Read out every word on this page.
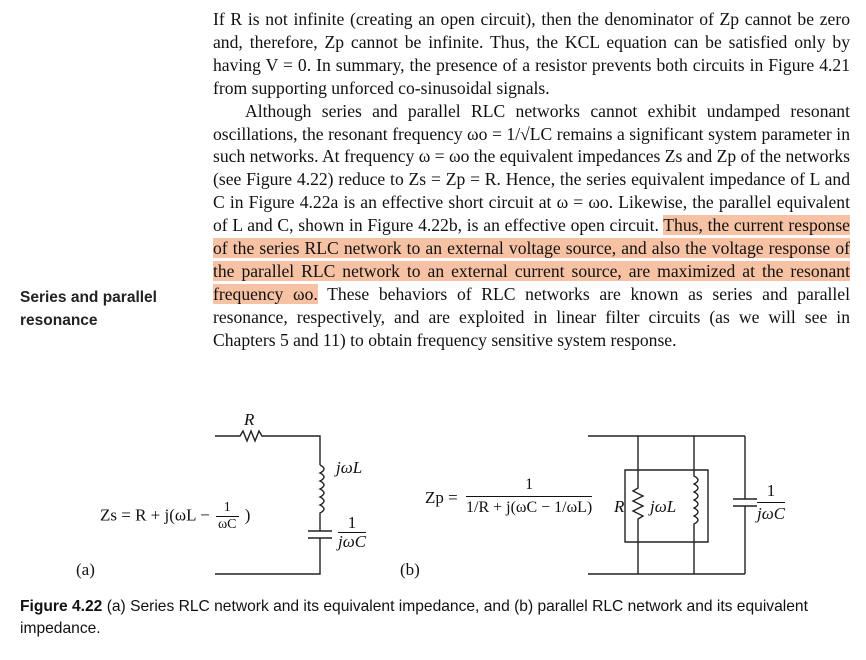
If R is not infinite (creating an open circuit), then the denominator of Zp cannot be zero and, therefore, Zp cannot be infinite. Thus, the KCL equation can be satisfied only by having V = 0. In summary, the presence of a resistor prevents both circuits in Figure 4.21 from supporting unforced co-sinusoidal signals.

Although series and parallel RLC networks cannot exhibit undamped resonant oscillations, the resonant frequency ωo = 1/√LC remains a significant system parameter in such networks. At frequency ω = ωo the equivalent impedances Zs and Zp of the networks (see Figure 4.22) reduce to Zs = Zp = R. Hence, the series equivalent impedance of L and C in Figure 4.22a is an effective short circuit at ω = ωo. Likewise, the parallel equivalent of L and C, shown in Figure 4.22b, is an effective open circuit. Thus, the current response of the series RLC network to an external voltage source, and also the voltage response of the parallel RLC network to an external current source, are maximized at the resonant frequency ωo. These behaviors of RLC networks are known as series and parallel resonance, respectively, and are exploited in linear filter circuits (as we will see in Chapters 5 and 11) to obtain frequency sensitive system response.

Series and parallel resonance
R
jωL
1
jωC
$Zs = R + j(\omega L - \frac{1}{\omega C}$ )
(a)
Zp =
1
1/R + j(ωC − 1/ωL) R jωL
1
jωC
(b)
Figure 4.22 (a) Series RLC network and its equivalent impedance, and (b) parallel RLC network and its equivalent impedance.
